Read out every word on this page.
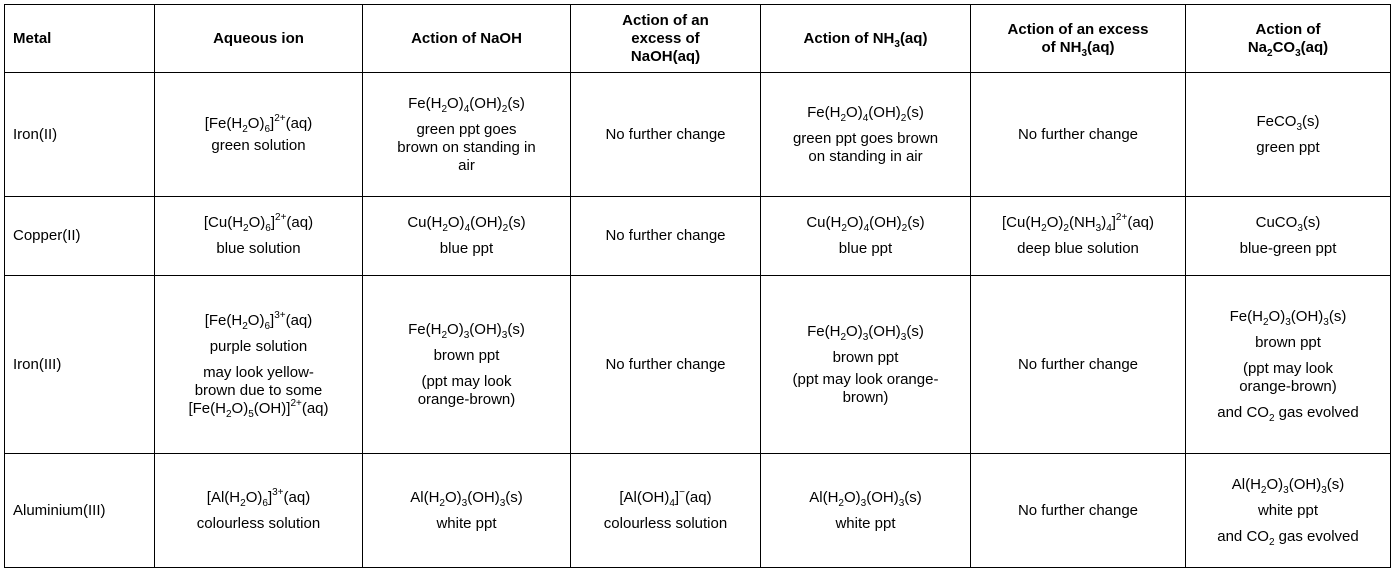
Metal	Aqueous ion	Action of NaOH	Action of an
excess of
NaOH(aq)	Action of $NH_3(aq)$	Action of an excess
of $NH_3(aq)$	Action of
$Na_2CO_3(aq)$

Iron(II)	$[Fe(H_2O)_6]^{2+}(aq)$
green solution	$Fe(H_2O)_4(OH)_2(s)$
green ppt goes
brown on standing in
air	No further change	$Fe(H_2O)_4(OH)_2(s)$
green ppt goes brown
on standing in air	No further change	FeCO$_3$(s)
green ppt

Copper(II)	$[Cu(H_2O)_6]^{2+}(aq)$
blue solution	$Cu(H_2O)_4(OH)_2(s)$
blue ppt	No further change	$Cu(H_2O)_4(OH)_2(s)$
blue ppt	$[Cu(H_2O)_2(NH_3)_4]^{2+}(aq)$
deep blue solution	CuCO$_3$(s)
blue-green ppt

Iron(III)	$[Fe(H_2O)_6]^{3+}(aq)$
purple solution
may look yellow-
brown due to some
$[Fe(H_2O)_5(OH)]^{2+}(aq)$	$Fe(H_2O)_3(OH)_3(s)$
brown ppt
(ppt may look
orange-brown)	No further change	$Fe(H_2O)_3(OH)_3(s)$
brown ppt
(ppt may look orange-
brown)	No further change	$Fe(H_2O)_3(OH)_3(s)$
brown ppt
(ppt may look
orange-brown)
and $CO_2$ gas evolved

Aluminium(III)	$[Al(H_2O)_6]^{3+}(aq)$
colourless solution	$Al(H_2O)_3(OH)_3(s)$
white ppt	$[Al(OH)_4]^-(aq)$
colourless solution	$Al(H_2O)_3(OH)_3(s)$
white ppt	No further change	$Al(H_2O)_3(OH)_3(s)$
white ppt
and $CO_2$ gas evolved
